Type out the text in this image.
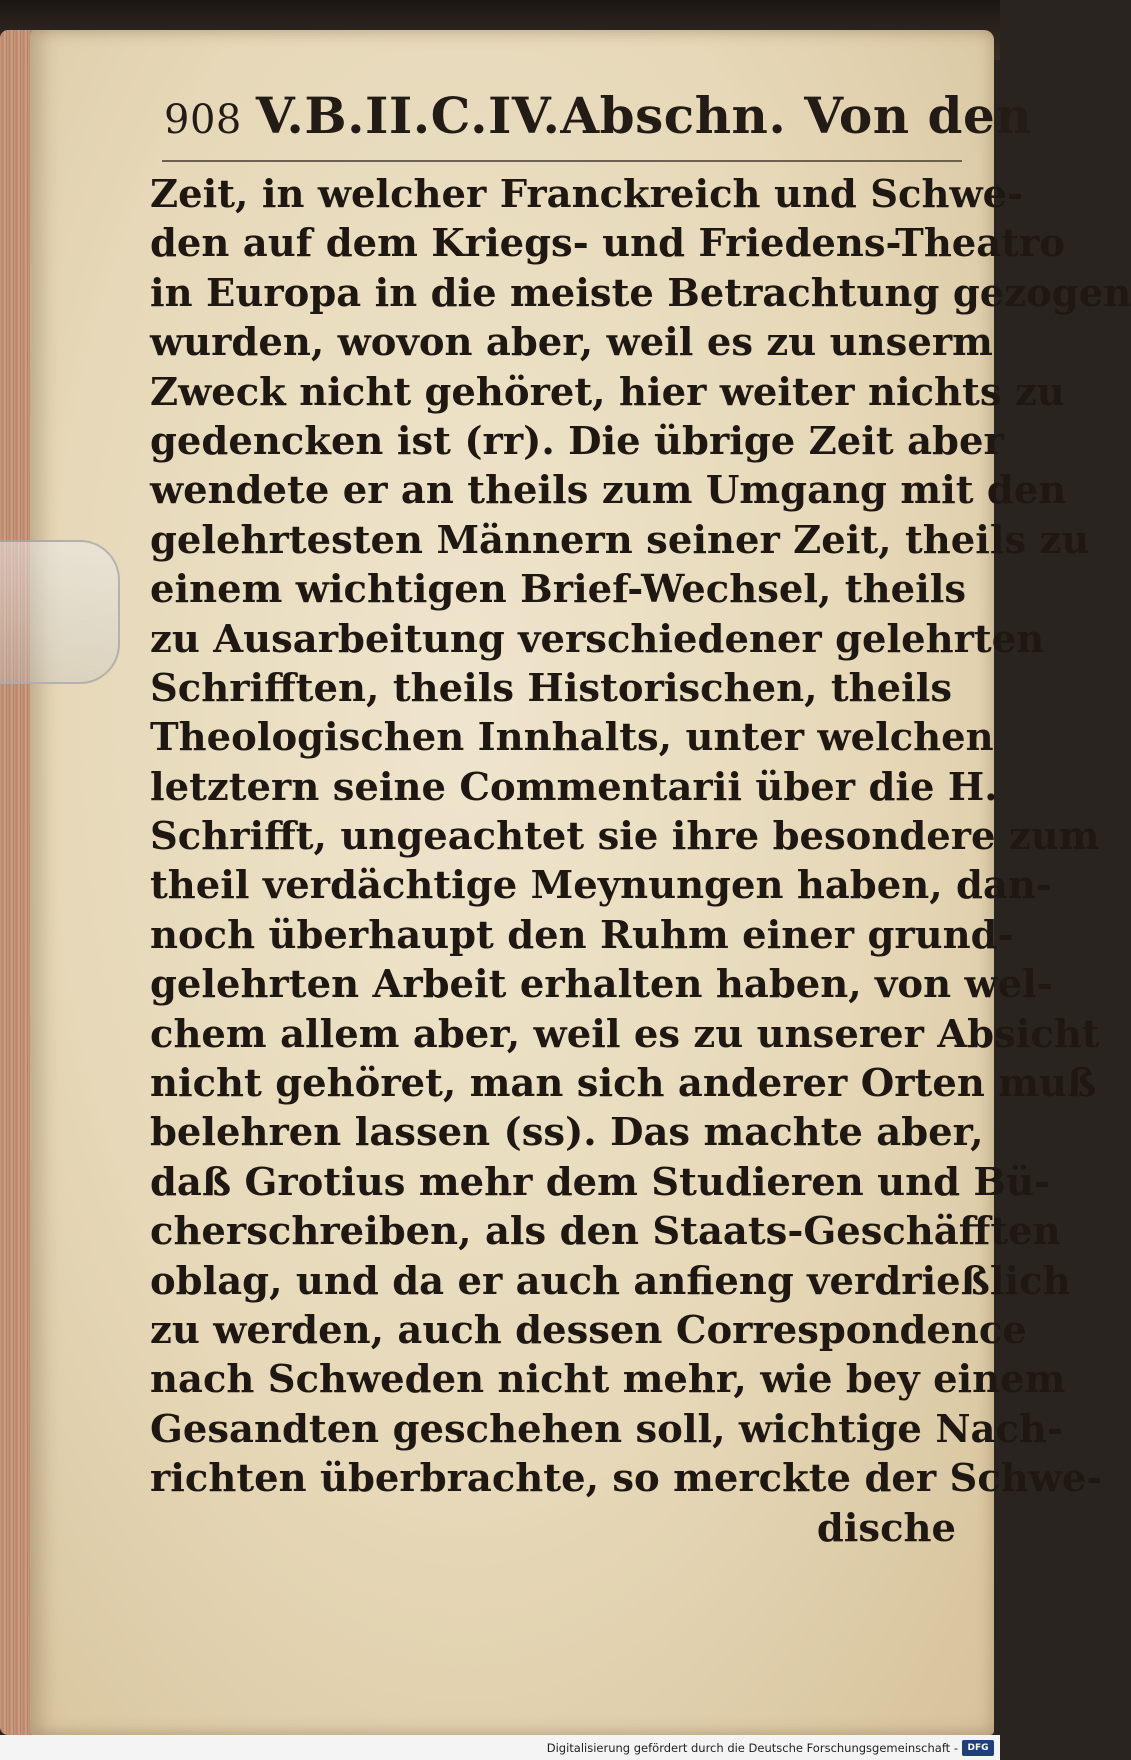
908 V.B.II.C.IV.Abschn. Von den
Zeit, in welcher Franckreich und Schwe-
den auf dem Kriegs- und Friedens-Theatro
in Europa in die meiste Betrachtung gezogen
wurden, wovon aber, weil es zu unserm
Zweck nicht gehöret, hier weiter nichts zu
gedencken ist (rr). Die übrige Zeit aber
wendete er an theils zum Umgang mit den
gelehrtesten Männern seiner Zeit, theils zu
einem wichtigen Brief-Wechsel, theils
zu Ausarbeitung verschiedener gelehrten
Schrifften, theils Historischen, theils
Theologischen Innhalts, unter welchen
letztern seine Commentarii über die H.
Schrifft, ungeachtet sie ihre besondere zum
theil verdächtige Meynungen haben, dan-
noch überhaupt den Ruhm einer grund-
gelehrten Arbeit erhalten haben, von wel-
chem allem aber, weil es zu unserer Absicht
nicht gehöret, man sich anderer Orten muß
belehren lassen (ss). Das machte aber,
daß Grotius mehr dem Studieren und Bü-
cherschreiben, als den Staats-Geschäfften
oblag, und da er auch anfieng verdrießlich
zu werden, auch dessen Correspondence
nach Schweden nicht mehr, wie bey einem
Gesandten geschehen soll, wichtige Nach-
richten überbrachte, so merckte der Schwe-
dische
Digitalisierung gefördert durch die Deutsche Forschungsgemeinschaft -	DFG
